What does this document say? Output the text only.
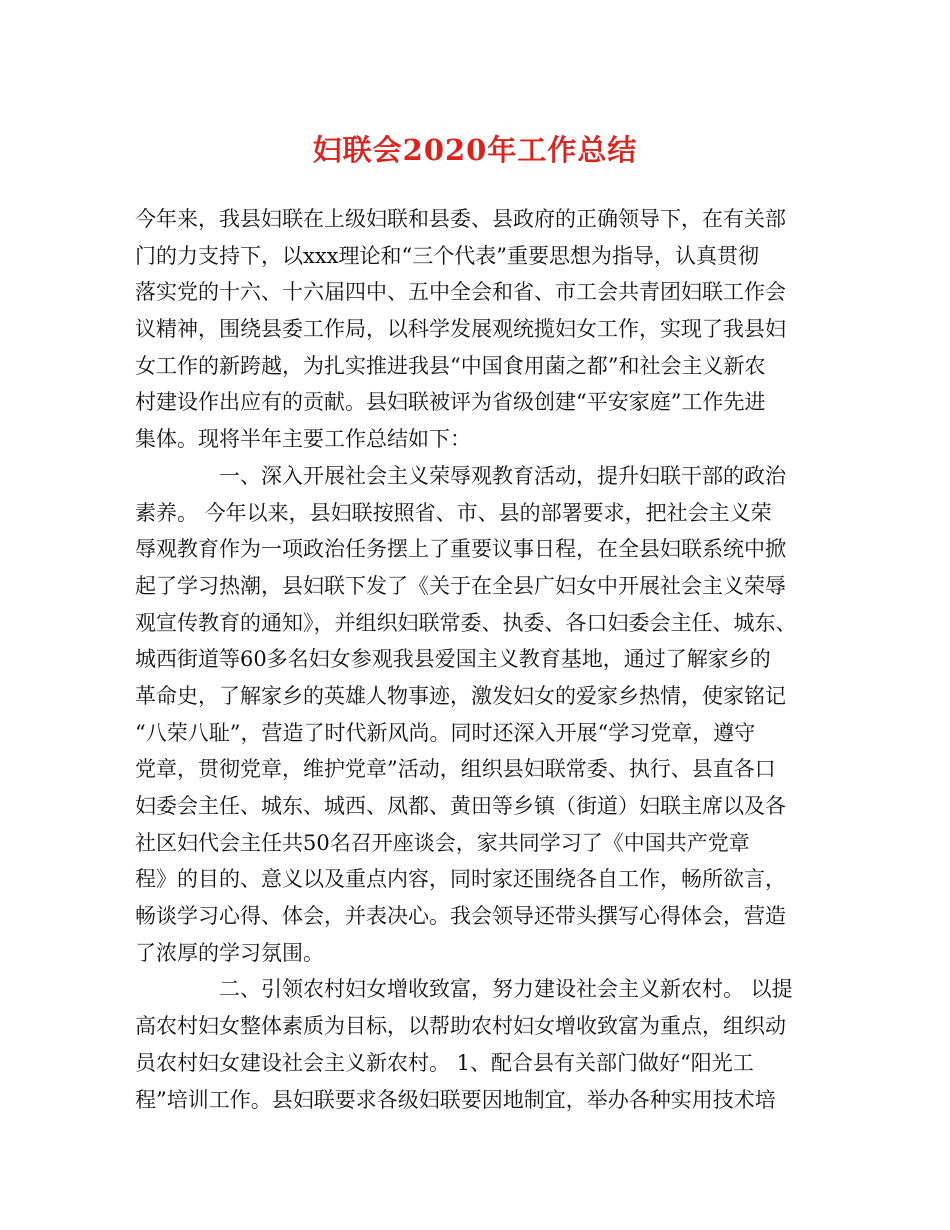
妇联会2020年工作总结
今年来，我县妇联在上级妇联和县委、县政府的正确领导下，在有关部
门的力支持下，以xxx理论和“三个代表”重要思想为指导，认真贯彻
落实党的十六、十六届四中、五中全会和省、市工会共青团妇联工作会
议精神，围绕县委工作局，以科学发展观统揽妇女工作，实现了我县妇
女工作的新跨越，为扎实推进我县“中国食用菌之都”和社会主义新农
村建设作出应有的贡献。县妇联被评为省级创建“平安家庭”工作先进
集体。现将半年主要工作总结如下：
一、深入开展社会主义荣辱观教育活动，提升妇联干部的政治
素养。 今年以来，县妇联按照省、市、县的部署要求，把社会主义荣
辱观教育作为一项政治任务摆上了重要议事日程，在全县妇联系统中掀
起了学习热潮，县妇联下发了《关于在全县广妇女中开展社会主义荣辱
观宣传教育的通知》，并组织妇联常委、执委、各口妇委会主任、城东、
城西街道等60多名妇女参观我县爱国主义教育基地，通过了解家乡的
革命史，了解家乡的英雄人物事迹，激发妇女的爱家乡热情，使家铭记
“八荣八耻”，营造了时代新风尚。同时还深入开展“学习党章，遵守
党章，贯彻党章，维护党章”活动，组织县妇联常委、执行、县直各口
妇委会主任、城东、城西、凤都、黄田等乡镇（街道）妇联主席以及各
社区妇代会主任共50名召开座谈会，家共同学习了《中国共产党章
程》的目的、意义以及重点内容，同时家还围绕各自工作，畅所欲言，
畅谈学习心得、体会，并表决心。我会领导还带头撰写心得体会，营造
了浓厚的学习氛围。
二、引领农村妇女增收致富，努力建设社会主义新农村。 以提
高农村妇女整体素质为目标，以帮助农村妇女增收致富为重点，组织动
员农村妇女建设社会主义新农村。 1、配合县有关部门做好“阳光工
程”培训工作。县妇联要求各级妇联要因地制宜，举办各种实用技术培
